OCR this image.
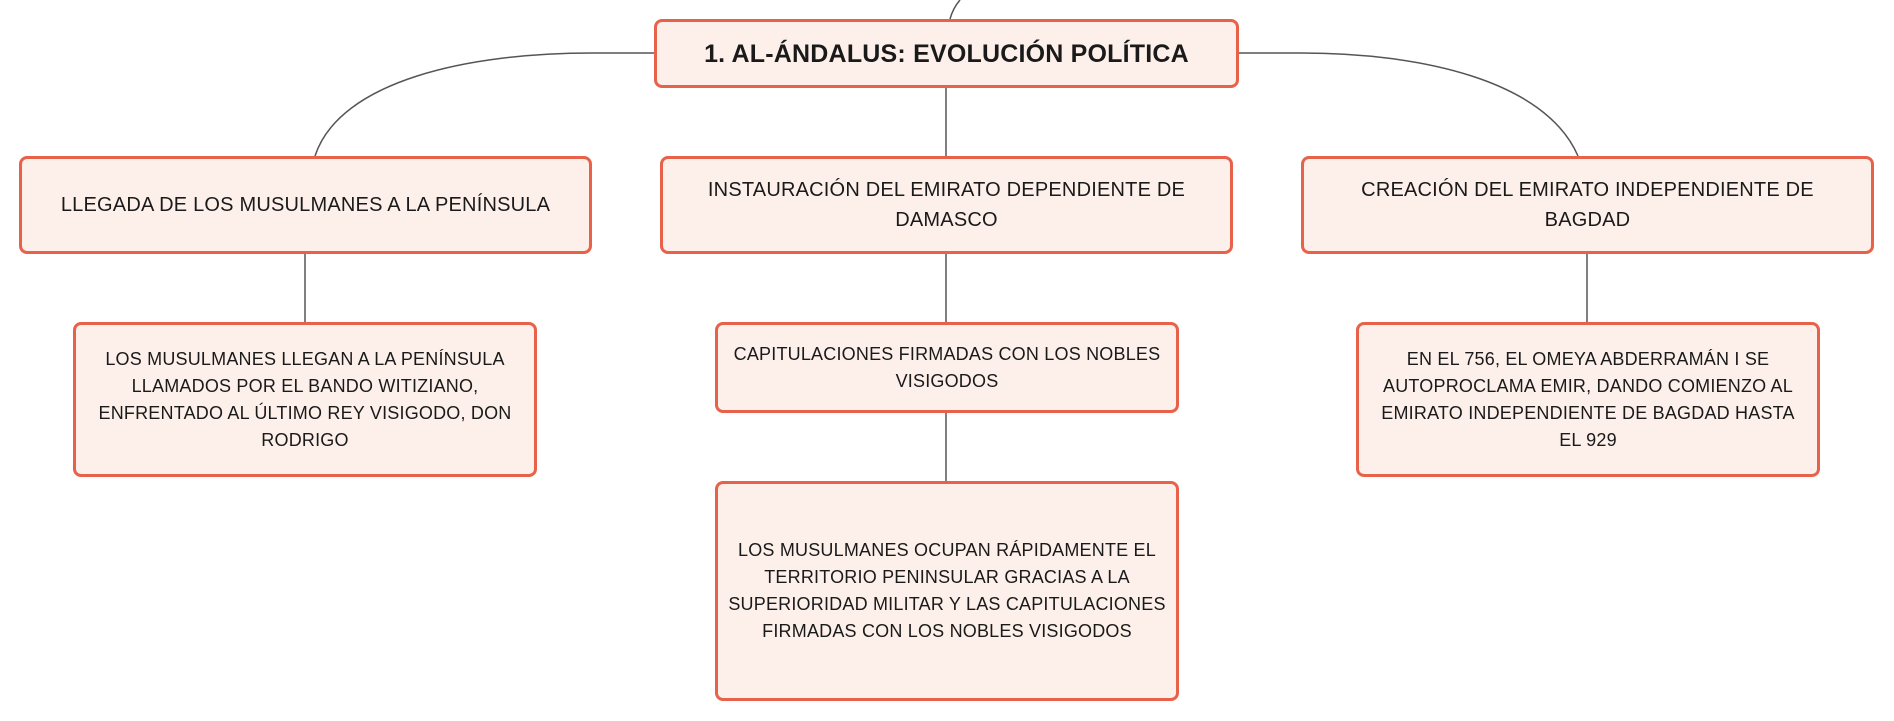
1. AL-ÁNDALUS: EVOLUCIÓN POLÍTICA
LLEGADA DE LOS MUSULMANES A LA PENÍNSULA
INSTAURACIÓN DEL EMIRATO DEPENDIENTE DE DAMASCO
CREACIÓN DEL EMIRATO INDEPENDIENTE DE BAGDAD
LOS MUSULMANES LLEGAN A LA PENÍNSULA LLAMADOS POR EL BANDO WITIZIANO, ENFRENTADO AL ÚLTIMO REY VISIGODO, DON RODRIGO
CAPITULACIONES FIRMADAS CON LOS NOBLES VISIGODOS
LOS MUSULMANES OCUPAN RÁPIDAMENTE EL TERRITORIO PENINSULAR GRACIAS A LA SUPERIORIDAD MILITAR Y LAS CAPITULACIONES FIRMADAS CON LOS NOBLES VISIGODOS
EN EL 756, EL OMEYA ABDERRAMÁN I SE AUTOPROCLAMA EMIR, DANDO COMIENZO AL EMIRATO INDEPENDIENTE DE BAGDAD HASTA EL 929
